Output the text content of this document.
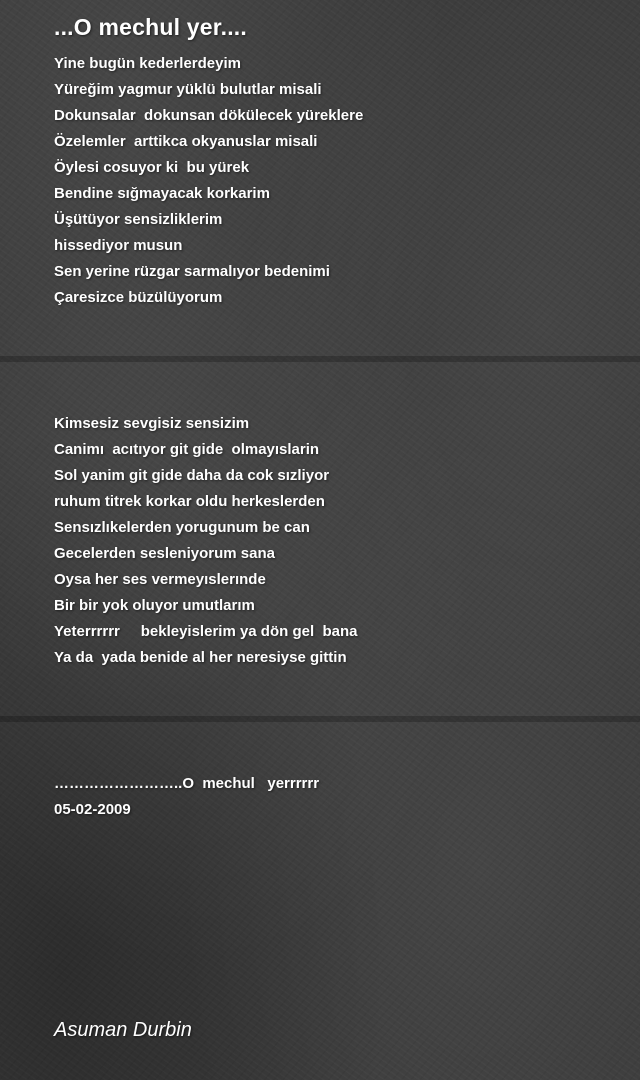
...O mechul yer....
Yine bugün kederlerdeyim
Yüreğim yagmur yüklü bulutlar misali
Dokunsalar  dokunsan dökülecek yüreklere
Özelemler  arttikca okyanuslar misali
Öylesi cosuyor ki  bu yürek
Bendine sığmayacak korkarim
Üşütüyor sensizliklerim
hissediyor musun
Sen yerine rüzgar sarmalıyor bedenimi
Çaresizce büzülüyorum
Kimsesiz sevgisiz sensizim
Canimı  acıtıyor git gide  olmayıslarin
Sol yanim git gide daha da cok sızliyor
ruhum titrek korkar oldu herkeslerden
Sensızlıkelerden yorugunum be can
Gecelerden sesleniyorum sana
Oysa her ses vermeyıslerınde
Bir bir yok oluyor umutlarım
Yeterrrrrr     bekleyislerim ya dön gel  bana
Ya da  yada benide al her neresiyse gittin
……………………..O  mechul   yerrrrrr
05-02-2009
Asuman Durbin
